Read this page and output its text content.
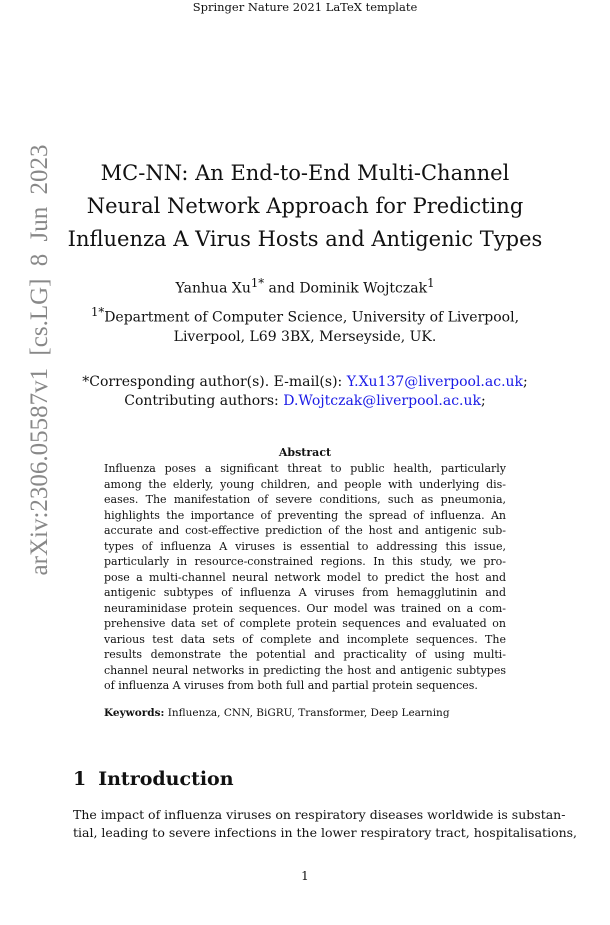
Springer Nature 2021 LaTeX template
arXiv:2306.05587v1 [cs.LG] 8 Jun 2023	MC-NN: An End-to-End Multi-Channel
Neural Network Approach for Predicting
Influenza A Virus Hosts and Antigenic Types
Yanhua $Xu^{1*}$ and Dominik Wojtczak$^1$
$^{1*}$Department of Computer Science, University of Liverpool,
Liverpool, L69 3BX, Merseyside, UK.
*Corresponding author(s). E-mail(s): Y.Xu137@liverpool.ac.uk;
Contributing authors: D.Wojtczak@liverpool.ac.uk;
Abstract
Influenza poses a significant threat to public health, particularly
among the elderly, young children, and people with underlying dis-
eases. The manifestation of severe conditions, such as pneumonia,
highlights the importance of preventing the spread of influenza. An
accurate and cost-effective prediction of the host and antigenic sub-
types of influenza A viruses is essential to addressing this issue,
particularly in resource-constrained regions. In this study, we pro-
pose a multi-channel neural network model to predict the host and
antigenic subtypes of influenza A viruses from hemagglutinin and
neuraminidase protein sequences. Our model was trained on a com-
prehensive data set of complete protein sequences and evaluated on
various test data sets of complete and incomplete sequences. The
results demonstrate the potential and practicality of using multi-
channel neural networks in predicting the host and antigenic subtypes
of influenza A viruses from both full and partial protein sequences.
Keywords: Influenza, CNN, BiGRU, Transformer, Deep Learning
1 Introduction
The impact of influenza viruses on respiratory diseases worldwide is substan-
tial, leading to severe infections in the lower respiratory tract, hospitalisations,
1
